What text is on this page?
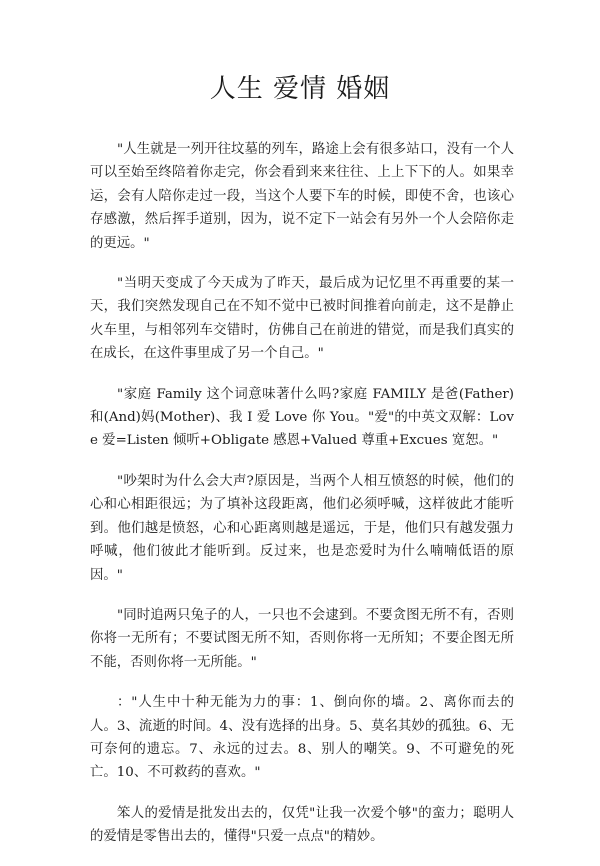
人生 爱情 婚姻

"人生就是一列开往坟墓的列车，路途上会有很多站口，没有一个人可以至始至终陪着你走完，你会看到来来往往、上上下下的人。如果幸运，会有人陪你走过一段，当这个人要下车的时候，即使不舍，也该心存感激，然后挥手道别，因为，说不定下一站会有另外一个人会陪你走的更远。"

"当明天变成了今天成为了昨天，最后成为记忆里不再重要的某一天，我们突然发现自己在不知不觉中已被时间推着向前走，这不是静止火车里，与相邻列车交错时，仿佛自己在前进的错觉，而是我们真实的在成长，在这件事里成了另一个自己。"

"家庭 Family 这个词意味著什么吗?家庭 FAMILY 是爸(Father)和(And)妈(Mother)、我 I 爱 Love 你 You。"爱"的中英文双解：Love 爱=Listen 倾听+Obligate 感恩+Valued 尊重+Excues 宽恕。"

"吵架时为什么会大声?原因是，当两个人相互愤怒的时候，他们的心和心相距很远；为了填补这段距离，他们必须呼喊，这样彼此才能听到。他们越是愤怒，心和心距离则越是遥远，于是，他们只有越发强力呼喊，他们彼此才能听到。反过来，也是恋爱时为什么喃喃低语的原因。"

"同时追两只兔子的人，一只也不会逮到。不要贪图无所不有，否则你将一无所有；不要试图无所不知，否则你将一无所知；不要企图无所不能，否则你将一无所能。"

："人生中十种无能为力的事：1、倒向你的墙。2、离你而去的人。3、流逝的时间。4、没有选择的出身。5、莫名其妙的孤独。6、无可奈何的遗忘。7、永远的过去。8、别人的嘲笑。9、不可避免的死亡。10、不可救药的喜欢。"

笨人的爱情是批发出去的，仅凭"让我一次爱个够"的蛮力；聪明人的爱情是零售出去的，懂得"只爱一点点"的精妙。
